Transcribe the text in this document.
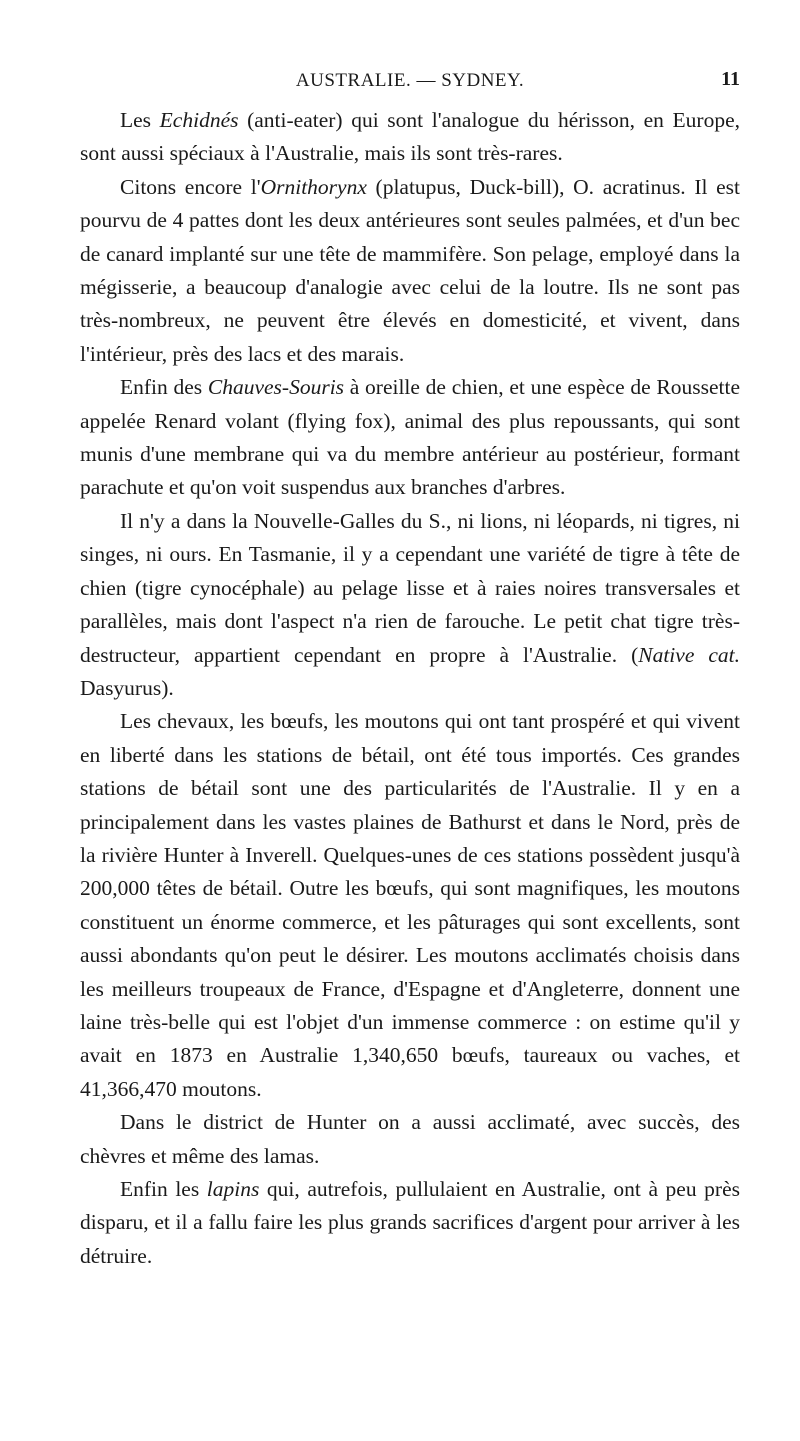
AUSTRALIE. — SYDNEY.	11

Les Echidnés (anti-eater) qui sont l'analogue du hérisson, en Europe, sont aussi spéciaux à l'Australie, mais ils sont très-rares.

Citons encore l'Ornithorynx (platupus, Duck-bill), O. acratinus. Il est pourvu de 4 pattes dont les deux antérieures sont seules palmées, et d'un bec de canard implanté sur une tête de mammifère. Son pelage, employé dans la mégisserie, a beaucoup d'analogie avec celui de la loutre. Ils ne sont pas très-nombreux, ne peuvent être élevés en domesticité, et vivent, dans l'intérieur, près des lacs et des marais.

Enfin des Chauves-Souris à oreille de chien, et une espèce de Roussette appelée Renard volant (flying fox), animal des plus repoussants, qui sont munis d'une membrane qui va du membre antérieur au postérieur, formant parachute et qu'on voit suspendus aux branches d'arbres.

Il n'y a dans la Nouvelle-Galles du S., ni lions, ni léopards, ni tigres, ni singes, ni ours. En Tasmanie, il y a cependant une variété de tigre à tête de chien (tigre cynocéphale) au pelage lisse et à raies noires transversales et parallèles, mais dont l'aspect n'a rien de farouche. Le petit chat tigre très-destructeur, appartient cependant en propre à l'Australie. (Native cat. Dasyurus).

Les chevaux, les bœufs, les moutons qui ont tant prospéré et qui vivent en liberté dans les stations de bétail, ont été tous importés. Ces grandes stations de bétail sont une des particularités de l'Australie. Il y en a principalement dans les vastes plaines de Bathurst et dans le Nord, près de la rivière Hunter à Inverell. Quelques-unes de ces stations possèdent jusqu'à 200,000 têtes de bétail. Outre les bœufs, qui sont magnifiques, les moutons constituent un énorme commerce, et les pâturages qui sont excellents, sont aussi abondants qu'on peut le désirer. Les moutons acclimatés choisis dans les meilleurs troupeaux de France, d'Espagne et d'Angleterre, donnent une laine très-belle qui est l'objet d'un immense commerce : on estime qu'il y avait en 1873 en Australie 1,340,650 bœufs, taureaux ou vaches, et 41,366,470 moutons.

Dans le district de Hunter on a aussi acclimaté, avec succès, des chèvres et même des lamas.

Enfin les lapins qui, autrefois, pullulaient en Australie, ont à peu près disparu, et il a fallu faire les plus grands sacrifices d'argent pour arriver à les détruire.
